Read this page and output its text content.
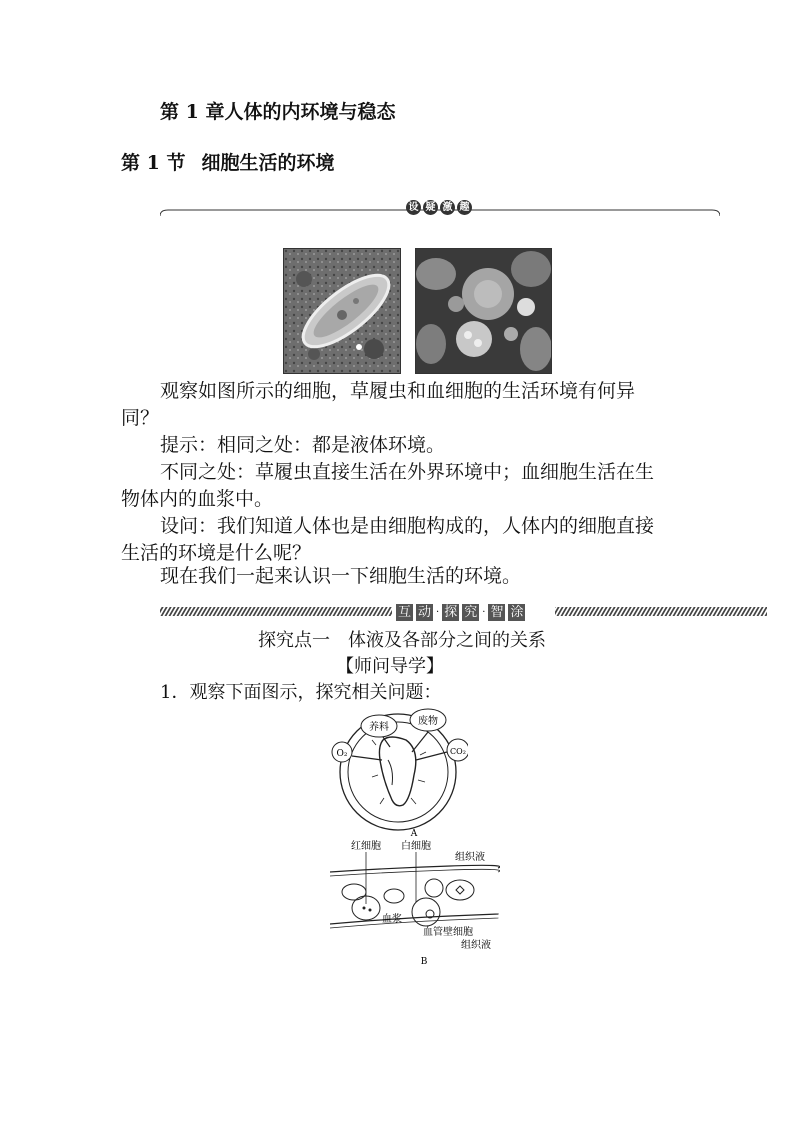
第 1 章人体的内环境与稳态
第 1 节 细胞生活的环境
设 疑 激 趣
观察如图所示的细胞，草履虫和血细胞的生活环境有何异
同？
提示：相同之处：都是液体环境。
不同之处：草履虫直接生活在外界环境中；血细胞生活在生
物体内的血浆中。
设问：我们知道人体也是由细胞构成的，人体内的细胞直接
生活的环境是什么呢？
现在我们一起来认识一下细胞生活的环境。
互 动 · 探 究 · 智 涂
探究点一　体液及各部分之间的关系
【师问导学】
1．观察下面图示，探究相关问题：
养料
废物
O₂	CO₂
A
红细胞 白细胞
组织液
血浆
血管壁细胞
组织液
B
